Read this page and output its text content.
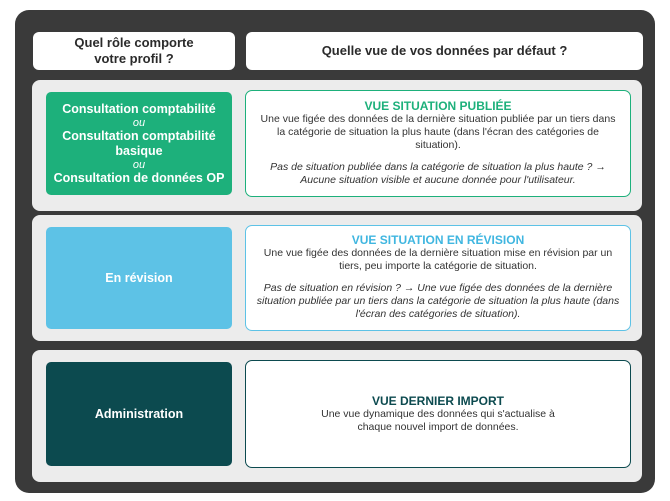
Quel rôle comporte
votre profil ?
Quelle vue de vos données par défaut ?
Consultation comptabilité
ou
Consultation comptabilité basique
ou
Consultation de données OP
VUE SITUATION PUBLIÉE
Une vue figée des données de la dernière situation publiée par un tiers dans la catégorie de situation la plus haute (dans l'écran des catégories de situation).
Pas de situation publiée dans la catégorie de situation la plus haute ? → Aucune situation visible et aucune donnée pour l'utilisateur.
En révision
VUE SITUATION EN RÉVISION
Une vue figée des données de la dernière situation mise en révision par un tiers, peu importe la catégorie de situation.
Pas de situation en révision ? → Une vue figée des données de la dernière situation publiée par un tiers dans la catégorie de situation la plus haute (dans l'écran des catégories de situation).
Administration
VUE DERNIER IMPORT
Une vue dynamique des données qui s'actualise à chaque nouvel import de données.
